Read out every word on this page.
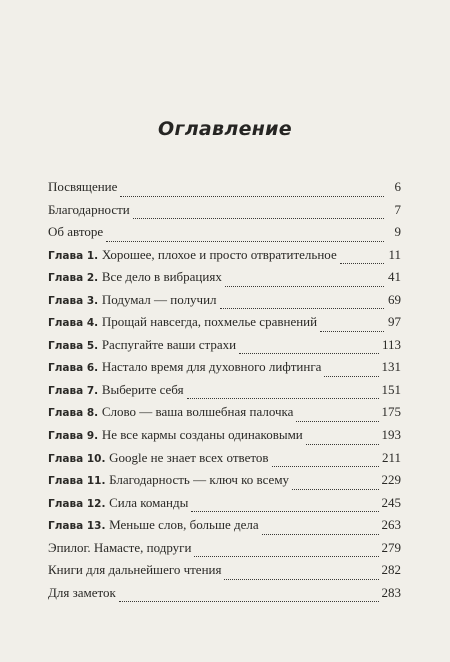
Оглавление
Посвящение	6
Благодарности	7
Об авторе	9
Глава 1. Хорошее, плохое и просто отвратительное	11
Глава 2. Все дело в вибрациях	41
Глава 3. Подумал — получил	69
Глава 4. Прощай навсегда, похмелье сравнений	97
Глава 5. Распугайте ваши страхи	113
Глава 6. Настало время для духовного лифтинга	131
Глава 7. Выберите себя	151
Глава 8. Слово — ваша волшебная палочка	175
Глава 9. Не все кармы созданы одинаковыми	193
Глава 10. Google не знает всех ответов	211
Глава 11. Благодарность — ключ ко всему	229
Глава 12. Сила команды	245
Глава 13. Меньше слов, больше дела	263
Эпилог. Намасте, подруги	279
Книги для дальнейшего чтения	282
Для заметок	283
